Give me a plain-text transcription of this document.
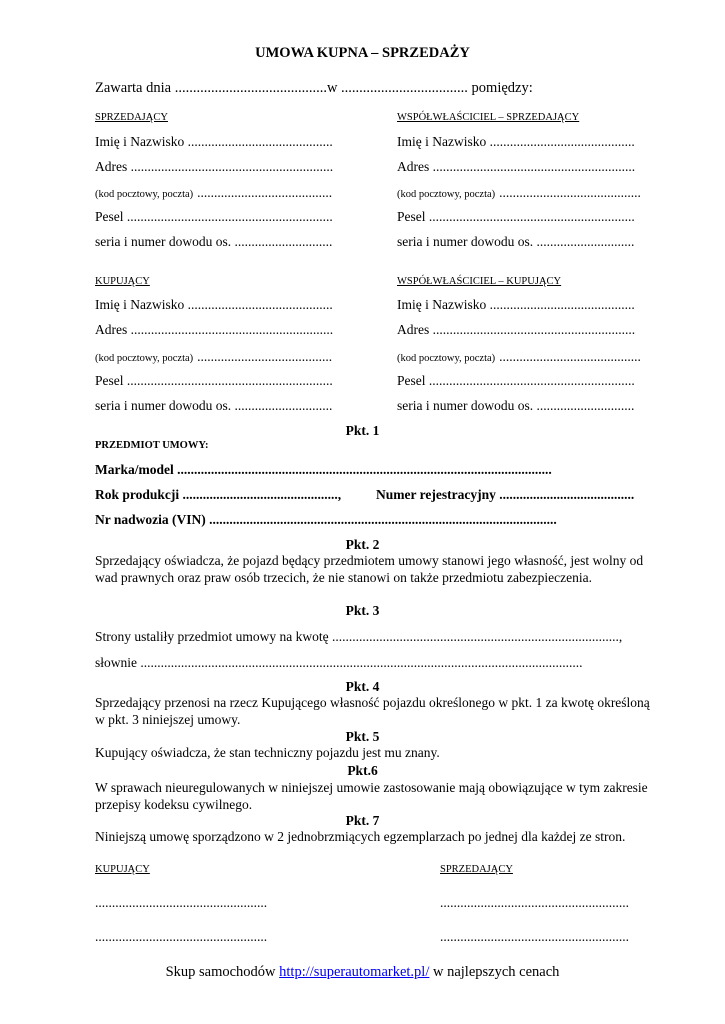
UMOWA KUPNA – SPRZEDAŻY
Zawarta dnia ..........................................w ................................... pomiędzy:
SPRZEDAJĄCY
Imię i Nazwisko ...........................................
Adres ............................................................
(kod pocztowy, poczta) ........................................
Pesel .............................................................
seria i numer dowodu os. .............................
WSPÓŁWŁAŚCICIEL – SPRZEDAJĄCY
Imię i Nazwisko ...........................................
Adres ............................................................
(kod pocztowy, poczta) ..........................................
Pesel .............................................................
seria i numer dowodu os. .............................
KUPUJĄCY
Imię i Nazwisko ...........................................
Adres ............................................................
(kod pocztowy, poczta) ........................................
Pesel .............................................................
seria i numer dowodu os. .............................
WSPÓŁWŁAŚCICIEL – KUPUJĄCY
Imię i Nazwisko ...........................................
Adres ............................................................
(kod pocztowy, poczta) ..........................................
Pesel .............................................................
seria i numer dowodu os. .............................
Pkt. 1
PRZEDMIOT UMOWY:
Marka/model ...............................................................................................................
Rok produkcji ..............................................,	Numer rejestracyjny ........................................
Nr nadwozia (VIN) .......................................................................................................
Pkt. 2
Sprzedający oświadcza, że pojazd będący przedmiotem umowy stanowi jego własność, jest wolny od wad prawnych oraz praw osób trzecich, że nie stanowi on także przedmiotu zabezpieczenia.
Pkt. 3
Strony ustaliły przedmiot umowy na kwotę .....................................................................................,
słownie ...................................................................................................................................
Pkt. 4
Sprzedający przenosi na rzecz Kupującego własność pojazdu określonego w pkt. 1 za kwotę określoną w pkt. 3 niniejszej umowy.
Pkt. 5
Kupujący oświadcza, że stan techniczny pojazdu jest mu znany.
Pkt.6
W sprawach nieuregulowanych w niniejszej umowie zastosowanie mają obowiązujące w tym zakresie przepisy kodeksu cywilnego.
Pkt. 7
Niniejszą umowę sporządzono w 2 jednobrzmiących egzemplarzach po jednej dla każdej ze stron.
KUPUJĄCY	SPRZEDAJĄCY
...................................................	........................................................
...................................................	........................................................
Skup samochodów http://superautomarket.pl/ w najlepszych cenach
